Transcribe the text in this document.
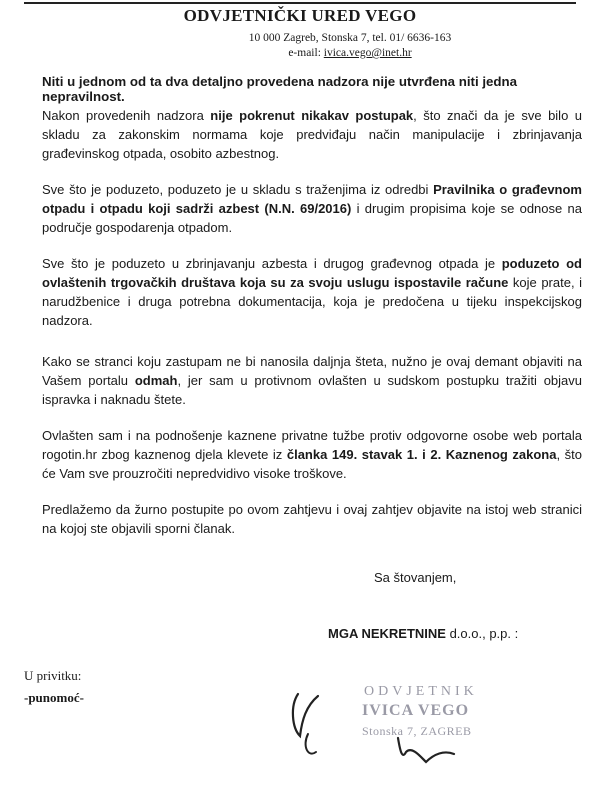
ODVJETNIČKI URED VEGO
10 000 Zagreb, Stonska 7, tel. 01/ 6636-163
e-mail: ivica.vego@inet.hr
Niti u jednom od ta dva detaljno provedena nadzora nije utvrđena niti jedna nepravilnost.
Nakon provedenih nadzora nije pokrenut nikakav postupak, što znači da je sve bilo u skladu za zakonskim normama koje predviđaju način manipulacije i zbrinjavanja građevinskog otpada, osobito azbestnog.
Sve što je poduzeto, poduzeto je u skladu s traženjima iz odredbi Pravilnika o građevnom otpadu i otpadu koji sadrži azbest (N.N. 69/2016) i drugim propisima koje se odnose na područje gospodarenja otpadom.
Sve što je poduzeto u zbrinjavanju azbesta i drugog građevnog otpada je poduzeto od ovlaštenih trgovačkih društava koja su za svoju uslugu ispostavile račune koje prate, i narudžbenice i druga potrebna dokumentacija, koja je predočena u tijeku inspekcijskog nadzora.
Kako se stranci koju zastupam ne bi nanosila daljnja šteta, nužno je ovaj demant objaviti na Vašem portalu odmah, jer sam u protivnom ovlašten u sudskom postupku tražiti objavu ispravka i naknadu štete.
Ovlašten sam i na podnošenje kaznene privatne tužbe protiv odgovorne osobe web portala rogotin.hr zbog kaznenog djela klevete iz članka 149. stavak 1. i 2. Kaznenog zakona, što će Vam sve prouzročiti nepredvidivo visoke troškove.
Predlažemo da žurno postupite po ovom zahtjevu i ovaj zahtjev objavite na istoj web stranici na kojoj ste objavili sporni članak.
Sa štovanjem,
MGA NEKRETNINE d.o.o., p.p. :
U privitku:
-punomoć-	ODVJETNIK
IVICA VEGO
Stonska 7, ZAGREB
